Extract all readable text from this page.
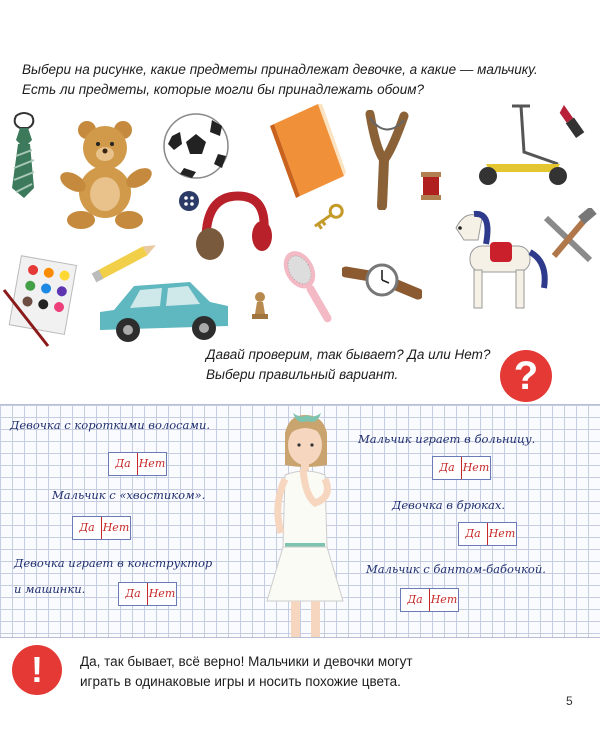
Выбери на рисунке, какие предметы принадлежат девочке, а какие — мальчику.
Есть ли предметы, которые могли бы принадлежать обоим?
Давай проверим, так бывает? Да или Нет?
Выбери правильный вариант.	?
Девочка с короткими волосами.
Да Нет
Мальчик с «хвостиком».
Да Нет
Девочка играет в конструктор
и машинки.	Да Нет
Мальчик играет в больницу.
Да Нет
Девочка в брюках.
Да Нет
Мальчик с бантом-бабочкой.
Да Нет
!	Да, так бывает, всё верно! Мальчики и девочки могут
играть в одинаковые игры и носить похожие цвета.
5
